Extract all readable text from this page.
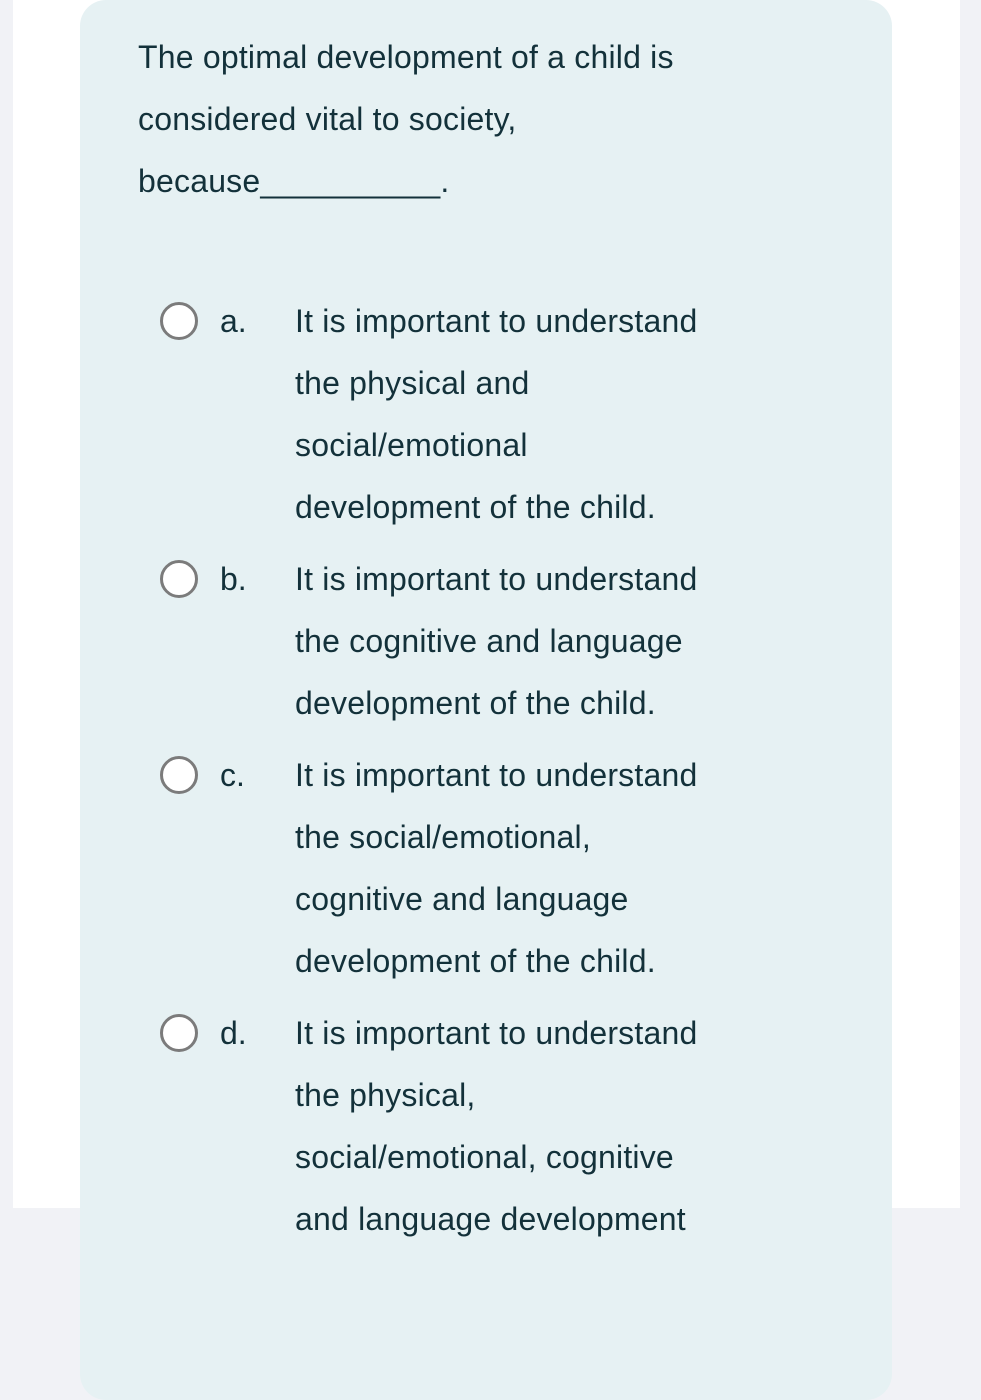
The optimal development of a child is
considered vital to society,
because__________.
a.	It is important to understand
the physical and
social/emotional
development of the child.
b.	It is important to understand
the cognitive and language
development of the child.
c.	It is important to understand
the social/emotional,
cognitive and language
development of the child.
d.	It is important to understand
the physical,
social/emotional, cognitive
and language development
